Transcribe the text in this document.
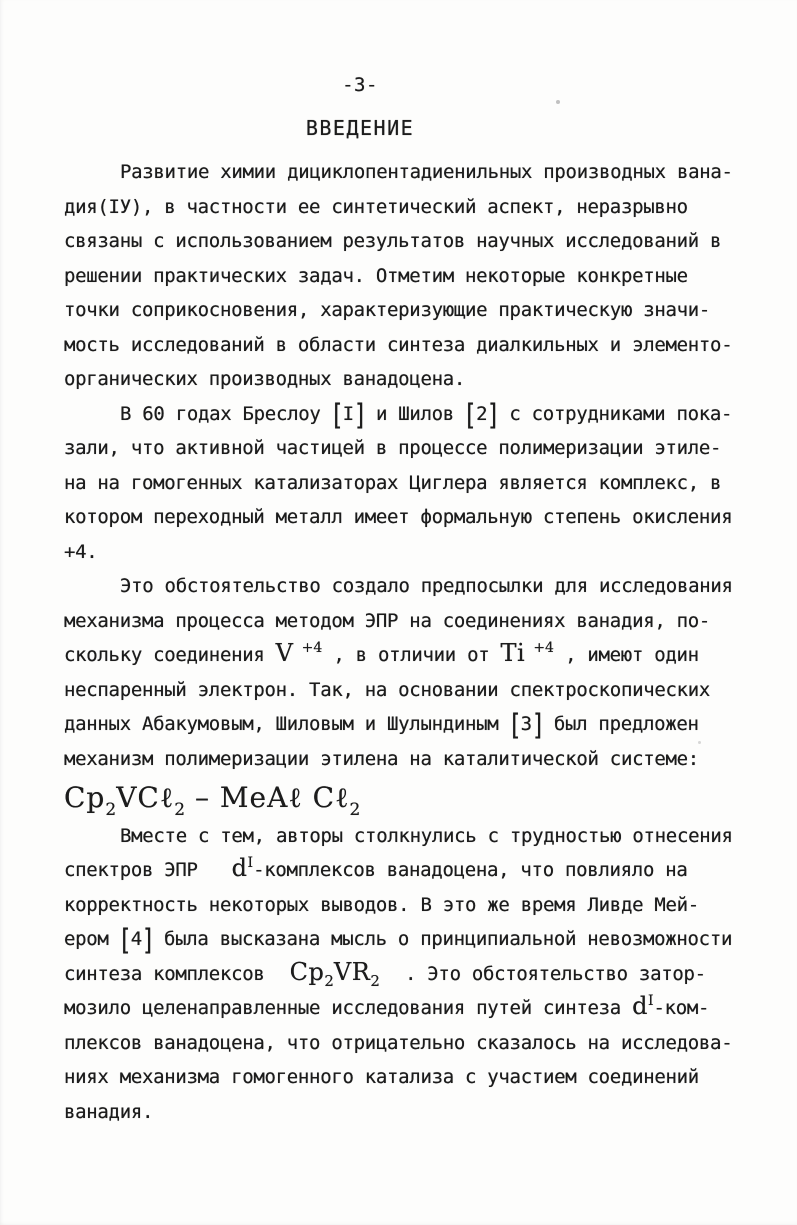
-3-
ВВЕДЕНИЕ
Развитие химии дициклопентадиенильных производных вана-
дия(IУ), в частности ее синтетический аспект, неразрывно
связаны с использованием результатов научных исследований в
решении практических задач. Отметим некоторые конкретные
точки соприкосновения, характеризующие практическую значи-
мость исследований в области синтеза диалкильных и элементо-
органических производных ванадоцена.
В 60 годах Бреслоу [I] и Шилов [2] с сотрудниками пока-
зали, что активной частицей в процессе полимеризации этиле-
на на гомогенных катализаторах Циглера является комплекс, в
котором переходный металл имеет формальную степень окисления
+4.
Это обстоятельство создало предпосылки для исследования
механизма процесса методом ЭПР на соединениях ванадия, по-
скольку соединения V $^{+4}$ , в отличии от Ti $^{+4}$ , имеют один
неспаренный электрон. Так, на основании спектроскопических
данных Абакумовым, Шиловым и Шулындиным [3] был предложен
механизм полимеризации этилена на каталитической системе:
$Cp_2VC\ell_2$ – MeAℓ Cℓ$_2$
Вместе с тем, авторы столкнулись с трудностью отнесения
спектров ЭПР $d^I$-комплексов ванадоцена, что повлияло на
корректность некоторых выводов. В это же время Ливде Мей-
ером [4] была высказана мысль о принципиальной невозможности
синтеза комплексов $Cp_2VR_2$ . Это обстоятельство затор-
мозило целенаправленные исследования путей синтеза $d^I-ком-$
плексов ванадоцена, что отрицательно сказалось на исследова-
ниях механизма гомогенного катализа с участием соединений
ванадия.
